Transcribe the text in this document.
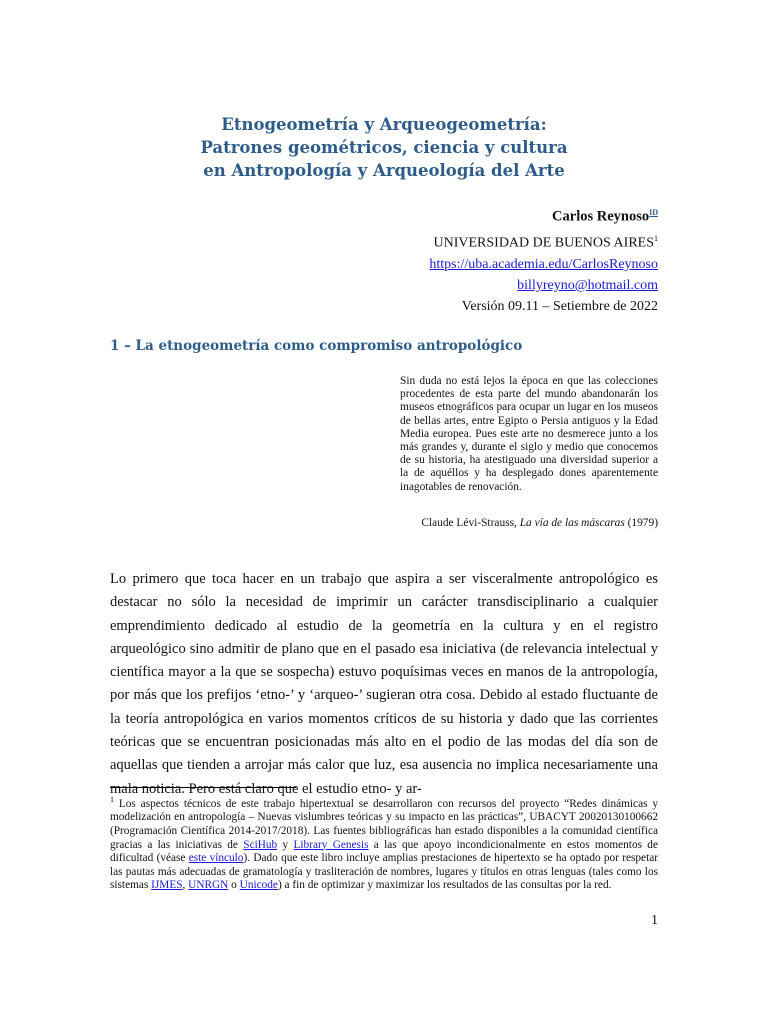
Etnogeometría y Arqueogeometría:
Patrones geométricos, ciencia y cultura
en Antropología y Arqueología del Arte
Carlos Reynoso$^{ID}$
UNIVERSIDAD DE BUENOS AIRES$^1$
https://uba.academia.edu/CarlosReynoso
billyreyno@hotmail.com
Versión 09.11 – Setiembre de 2022
1 – La etnogeometría como compromiso antropológico
Sin duda no está lejos la época en que las colecciones procedentes de esta parte del mundo abandonarán los museos etnográficos para ocupar un lugar en los museos de bellas artes, entre Egipto o Persia antiguos y la Edad Media europea. Pues este arte no desmerece junto a los más grandes y, durante el siglo y medio que conocemos de su historia, ha atestiguado una diversidad superior a la de aquéllos y ha desplegado dones aparentemente inagotables de renovación.
Claude Lévi-Strauss, La vía de las máscaras (1979)
Lo primero que toca hacer en un trabajo que aspira a ser visceralmente antropológico es destacar no sólo la necesidad de imprimir un carácter transdisciplinario a cualquier emprendimiento dedicado al estudio de la geometría en la cultura y en el registro arqueológico sino admitir de plano que en el pasado esa iniciativa (de relevancia intelectual y científica mayor a la que se sospecha) estuvo poquísimas veces en manos de la antropología, por más que los prefijos ‘etno-’ y ‘arqueo-’ sugieran otra cosa. Debido al estado fluctuante de la teoría antropológica en varios momentos críticos de su historia y dado que las corrientes teóricas que se encuentran posicionadas más alto en el podio de las modas del día son de aquellas que tienden a arrojar más calor que luz, esa ausencia no implica necesariamente una mala noticia. Pero está claro que el estudio etno- y ar-
$^1$ Los aspectos técnicos de este trabajo hipertextual se desarrollaron con recursos del proyecto “Redes dinámicas y modelización en antropología – Nuevas vislumbres teóricas y su impacto en las prácticas”, UBACYT 20020130100662 (Programación Científica 2014-2017/2018). Las fuentes bibliográficas han estado disponibles a la comunidad científica gracias a las iniciativas de SciHub y Library Genesis a las que apoyo incondicionalmente en estos momentos de dificultad (véase este vínculo). Dado que este libro incluye amplias prestaciones de hipertexto se ha optado por respetar las pautas más adecuadas de gramatología y trasliteración de nombres, lugares y títulos en otras lenguas (tales como los sistemas IJMES, UNRGN o Unicode) a fin de optimizar y maximizar los resultados de las consultas por la red.
1
